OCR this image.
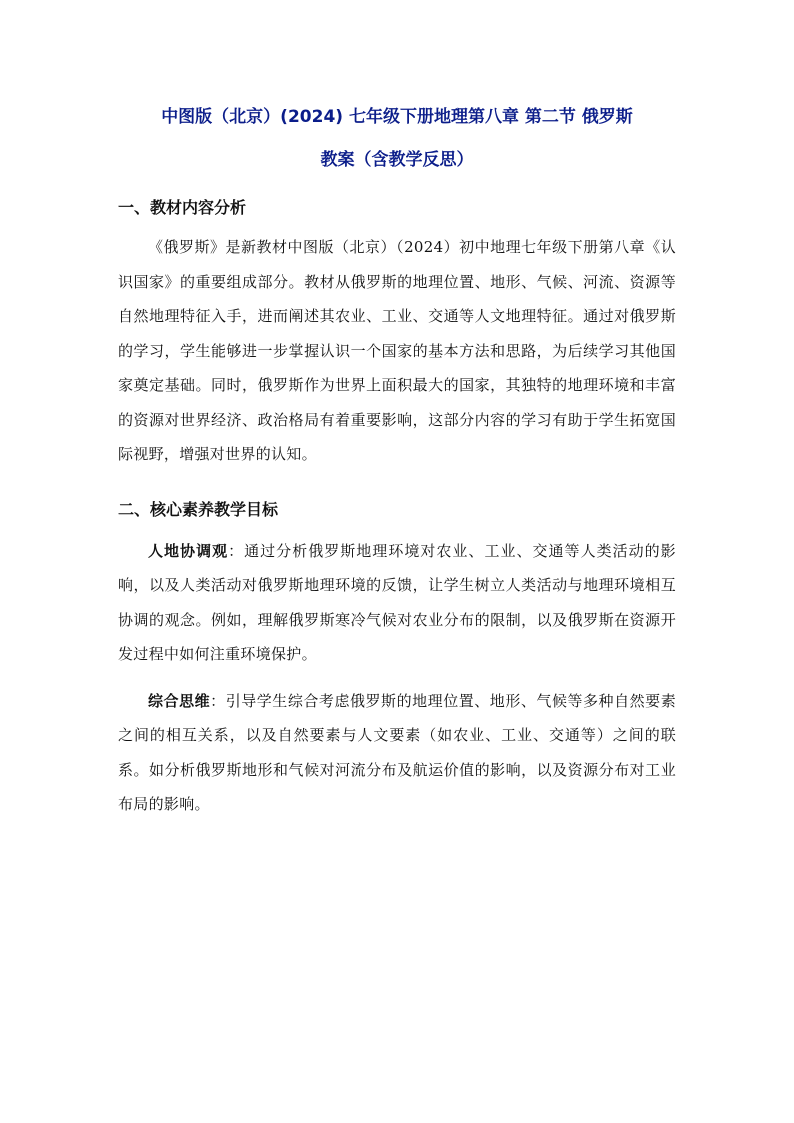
中图版（北京）(2024) 七年级下册地理第八章 第二节 俄罗斯
教案（含教学反思）
一、教材内容分析

《俄罗斯》是新教材中图版（北京）（2024）初中地理七年级下册第八章《认识国家》的重要组成部分。教材从俄罗斯的地理位置、地形、气候、河流、资源等自然地理特征入手，进而阐述其农业、工业、交通等人文地理特征。通过对俄罗斯的学习，学生能够进一步掌握认识一个国家的基本方法和思路，为后续学习其他国家奠定基础。同时，俄罗斯作为世界上面积最大的国家，其独特的地理环境和丰富的资源对世界经济、政治格局有着重要影响，这部分内容的学习有助于学生拓宽国际视野，增强对世界的认知。

二、核心素养教学目标

人地协调观：通过分析俄罗斯地理环境对农业、工业、交通等人类活动的影响，以及人类活动对俄罗斯地理环境的反馈，让学生树立人类活动与地理环境相互协调的观念。例如，理解俄罗斯寒冷气候对农业分布的限制，以及俄罗斯在资源开发过程中如何注重环境保护。

综合思维：引导学生综合考虑俄罗斯的地理位置、地形、气候等多种自然要素之间的相互关系，以及自然要素与人文要素（如农业、工业、交通等）之间的联系。如分析俄罗斯地形和气候对河流分布及航运价值的影响，以及资源分布对工业布局的影响。
